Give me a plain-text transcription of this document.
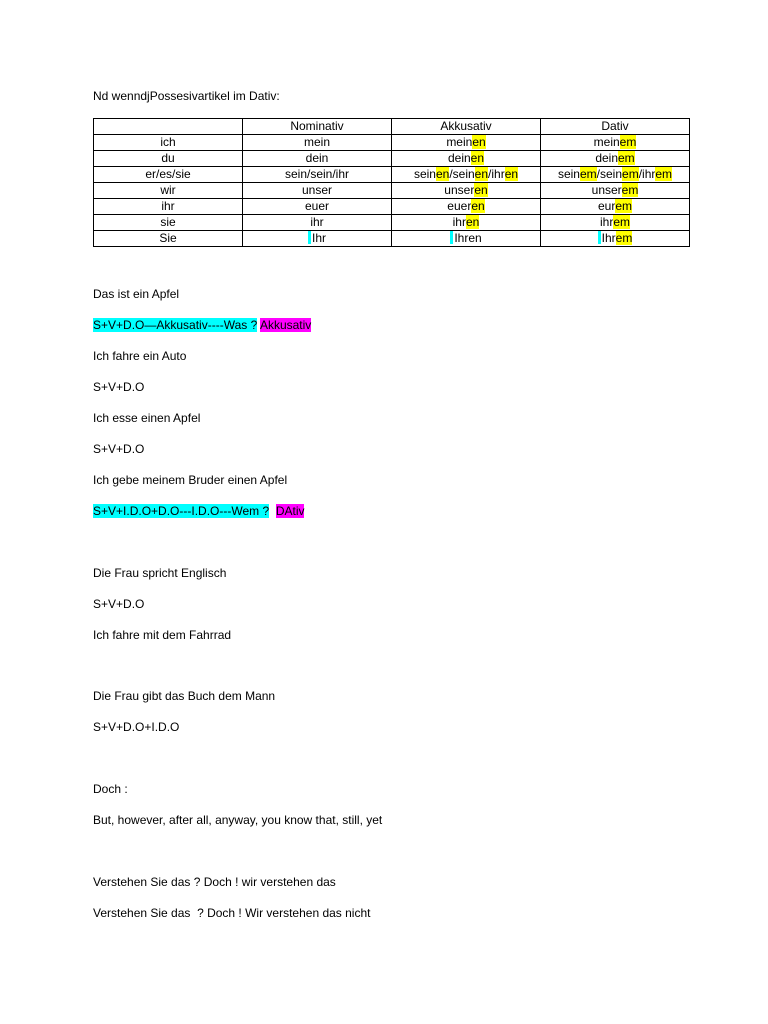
Nd wenndjPossesivartikel im Dativ:
	Nominativ	Akkusativ	Dativ
ich	mein	meinen	meinem
du	dein	deinen	deinem
er/es/sie	sein/sein/ihr	seinen/seinen/ihren	seinem/seinem/ihrem
wir	unser	unseren	unserem
ihr	euer	eueren	eurem
sie	ihr	ihren	ihrem
Sie	Ihr	Ihren	Ihrem
Das ist ein Apfel
S+V+D.O—Akkusativ----Was ? Akkusativ
Ich fahre ein Auto
S+V+D.O
Ich esse einen Apfel
S+V+D.O
Ich gebe meinem Bruder einen Apfel
S+V+I.D.O+D.O---I.D.O---Wem ? DAtiv
Die Frau spricht Englisch
S+V+D.O
Ich fahre mit dem Fahrrad
Die Frau gibt das Buch dem Mann
S+V+D.O+I.D.O
Doch :
But, however, after all, anyway, you know that, still, yet
Verstehen Sie das ? Doch ! wir verstehen das
Verstehen Sie das  ? Doch ! Wir verstehen das nicht
